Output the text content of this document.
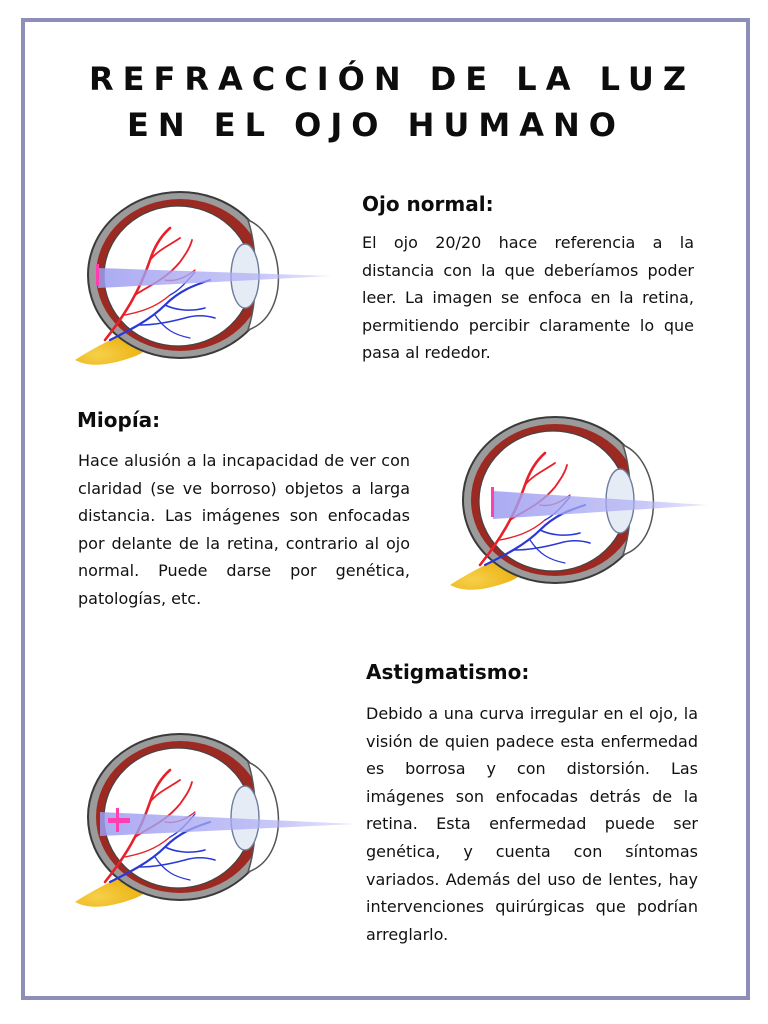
REFRACCIÓN DE LA LUZ
EN EL OJO HUMANO
Ojo normal:

El ojo 20/20 hace referencia a la distancia con la que deberíamos poder leer. La imagen se enfoca en la retina, permitiendo percibir claramente lo que pasa al rededor.

Miopía:

Hace alusión a la incapacidad de ver con claridad (se ve borroso) objetos a larga distancia. Las imágenes son enfocadas por delante de la retina, contrario al ojo normal. Puede darse por genética, patologías, etc.

Astigmatismo:

Debido a una curva irregular en el ojo, la visión de quien padece esta enfermedad es borrosa y con distorsión. Las imágenes son enfocadas detrás de la retina. Esta enfermedad puede ser genética, y cuenta con síntomas variados. Además del uso de lentes, hay intervenciones quirúrgicas que podrían arreglarlo.
